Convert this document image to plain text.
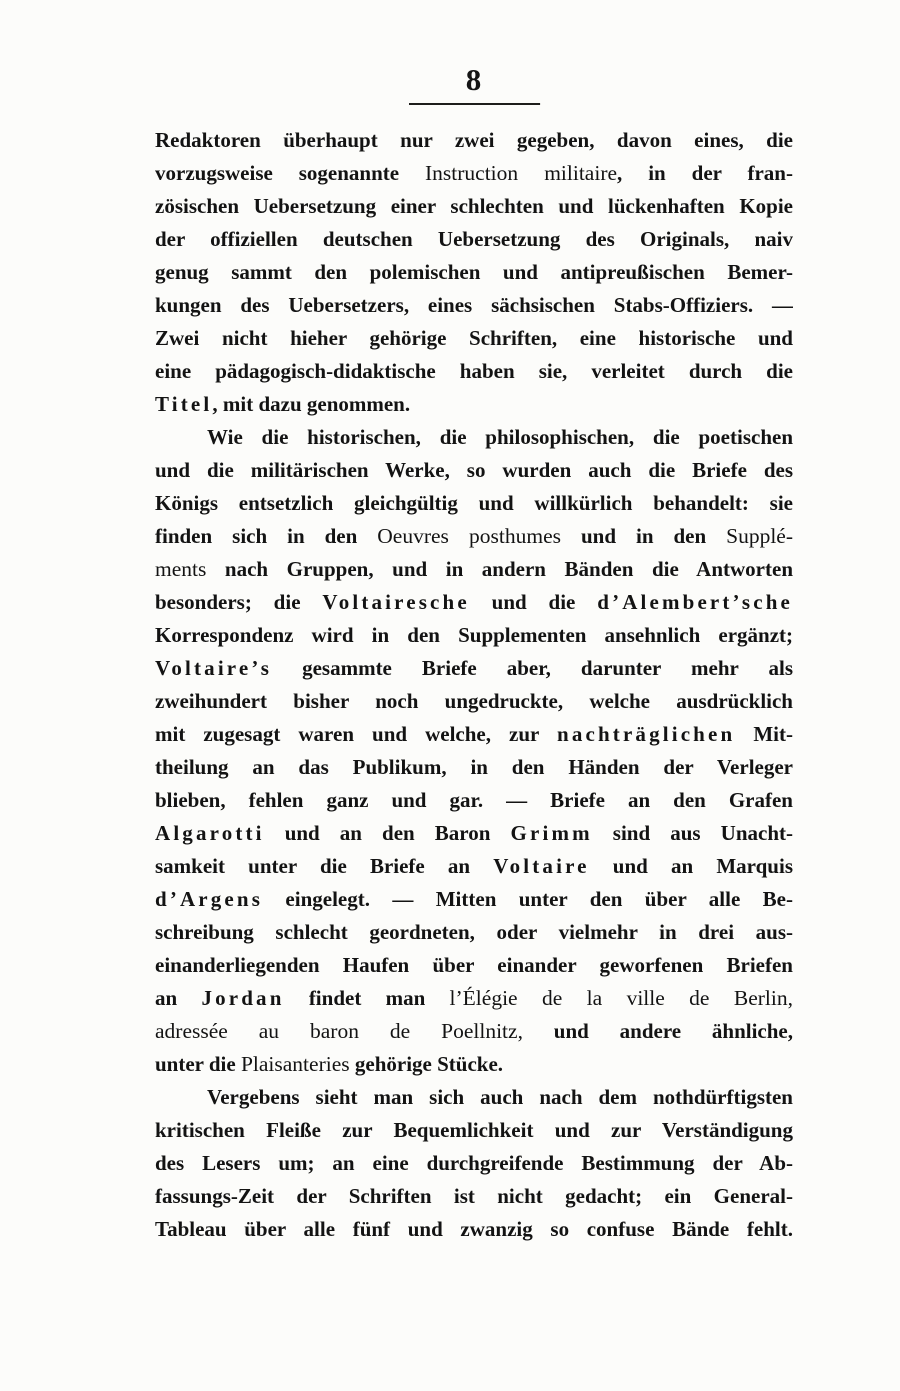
8
Redaktoren überhaupt nur zwei gegeben, davon eines, die
vorzugsweise sogenannte Instruction militaire, in der fran-
zösischen Uebersetzung einer schlechten und lückenhaften Kopie
der offiziellen deutschen Uebersetzung des Originals, naiv
genug sammt den polemischen und antipreußischen Bemer-
kungen des Uebersetzers, eines sächsischen Stabs-Offiziers. —
Zwei nicht hieher gehörige Schriften, eine historische und
eine pädagogisch-didaktische haben sie, verleitet durch die
Titel, mit dazu genommen.
Wie die historischen, die philosophischen, die poetischen
und die militärischen Werke, so wurden auch die Briefe des
Königs entsetzlich gleichgültig und willkürlich behandelt: sie
finden sich in den Oeuvres posthumes und in den Supplé-
ments nach Gruppen, und in andern Bänden die Antworten
besonders; die Voltairesche und die d’Alembert’sche
Korrespondenz wird in den Supplementen ansehnlich ergänzt;
Voltaire’s gesammte Briefe aber, darunter mehr als
zweihundert bisher noch ungedruckte, welche ausdrücklich
mit zugesagt waren und welche, zur nachträglichen Mit-
theilung an das Publikum, in den Händen der Verleger
blieben, fehlen ganz und gar. — Briefe an den Grafen
Algarotti und an den Baron Grimm sind aus Unacht-
samkeit unter die Briefe an Voltaire und an Marquis
d’Argens eingelegt. — Mitten unter den über alle Be-
schreibung schlecht geordneten, oder vielmehr in drei aus-
einanderliegenden Haufen über einander geworfenen Briefen
an Jordan findet man l’Élégie de la ville de Berlin,
adressée au baron de Poellnitz, und andere ähnliche,
unter die Plaisanteries gehörige Stücke.
Vergebens sieht man sich auch nach dem nothdürftigsten
kritischen Fleiße zur Bequemlichkeit und zur Verständigung
des Lesers um; an eine durchgreifende Bestimmung der Ab-
fassungs-Zeit der Schriften ist nicht gedacht; ein General-
Tableau über alle fünf und zwanzig so confuse Bände fehlt.
